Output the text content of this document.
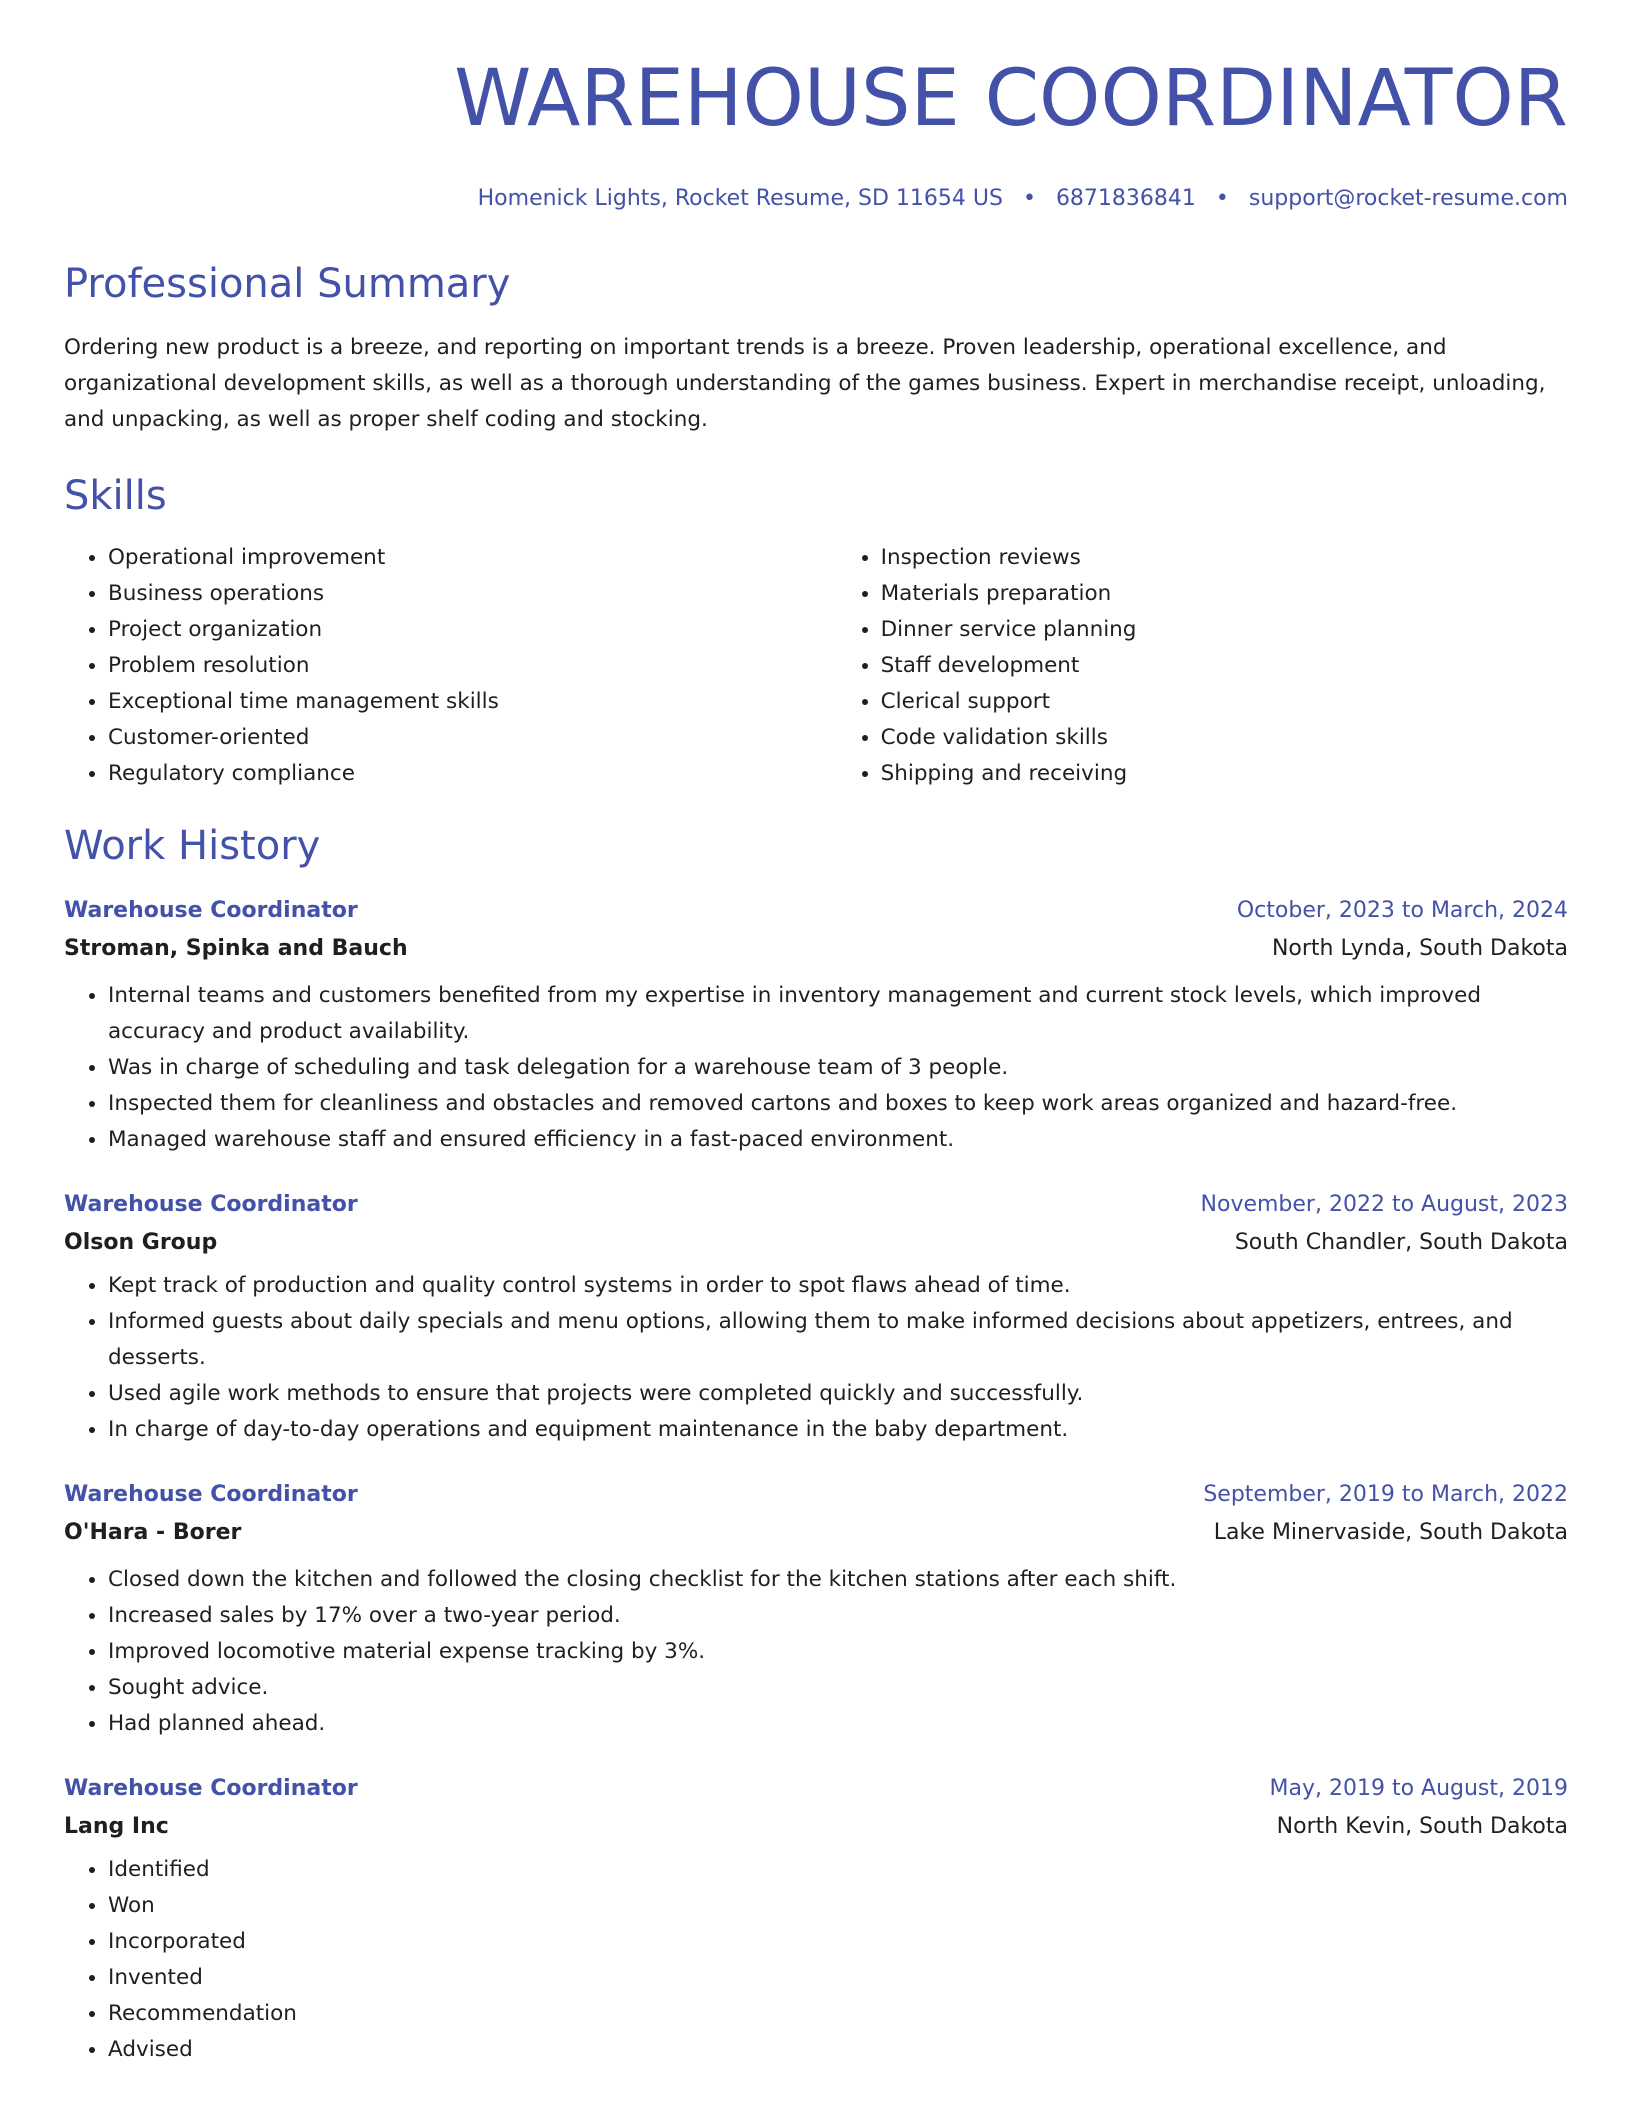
WAREHOUSE COORDINATOR
Homenick Lights, Rocket Resume, SD 11654 US • 6871836841 • support@rocket-resume.com
Professional Summary

Ordering new product is a breeze, and reporting on important trends is a breeze. Proven leadership, operational excellence, and organizational development skills, as well as a thorough understanding of the games business. Expert in merchandise receipt, unloading, and unpacking, as well as proper shelf coding and stocking.

Skills
• Operational improvement
• Business operations
• Project organization
• Problem resolution
• Exceptional time management skills
• Customer-oriented
• Regulatory compliance
• Inspection reviews
• Materials preparation
• Dinner service planning
• Staff development
• Clerical support
• Code validation skills
• Shipping and receiving
Work History
Warehouse Coordinator	October, 2023 to March, 2024
Stroman, Spinka and Bauch	North Lynda, South Dakota
• Internal teams and customers benefited from my expertise in inventory management and current stock levels, which improved accuracy and product availability.
• Was in charge of scheduling and task delegation for a warehouse team of 3 people.
• Inspected them for cleanliness and obstacles and removed cartons and boxes to keep work areas organized and hazard-free.
• Managed warehouse staff and ensured efficiency in a fast-paced environment.
Warehouse Coordinator	November, 2022 to August, 2023
Olson Group	South Chandler, South Dakota
• Kept track of production and quality control systems in order to spot flaws ahead of time.
• Informed guests about daily specials and menu options, allowing them to make informed decisions about appetizers, entrees, and desserts.
• Used agile work methods to ensure that projects were completed quickly and successfully.
• In charge of day-to-day operations and equipment maintenance in the baby department.
Warehouse Coordinator	September, 2019 to March, 2022
O'Hara - Borer	Lake Minervaside, South Dakota
• Closed down the kitchen and followed the closing checklist for the kitchen stations after each shift.
• Increased sales by 17% over a two-year period.
• Improved locomotive material expense tracking by 3%.
• Sought advice.
• Had planned ahead.
Warehouse Coordinator	May, 2019 to August, 2019
Lang Inc	North Kevin, South Dakota
• Identified
• Won
• Incorporated
• Invented
• Recommendation
• Advised
